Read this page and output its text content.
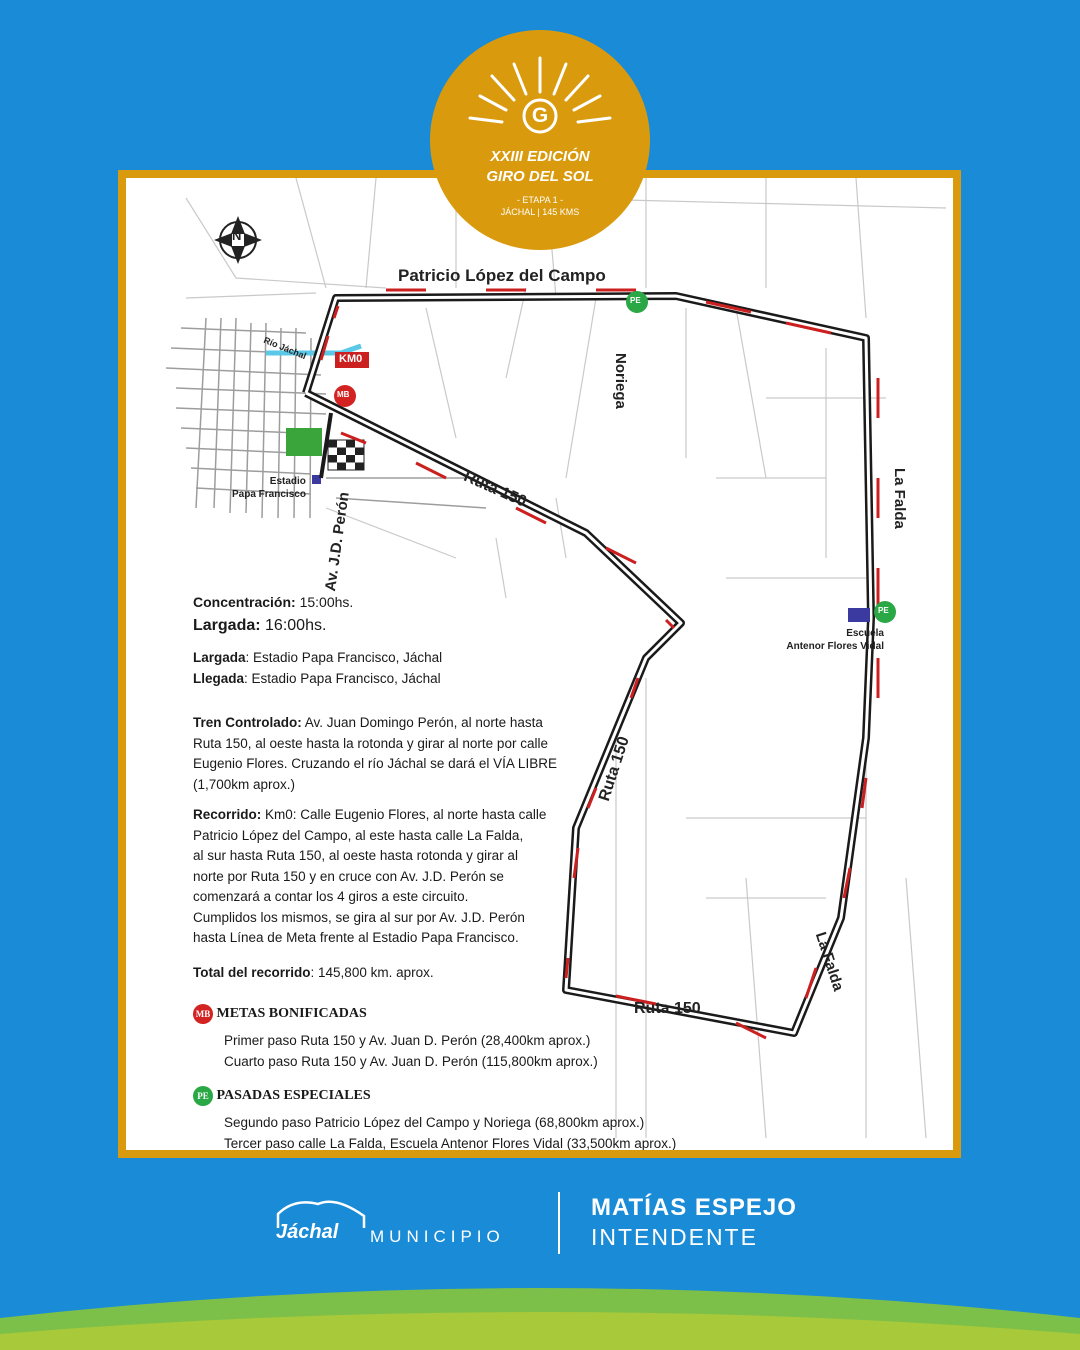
N
Patricio López del Campo
Noriega
La Falda
La Falda
Ruta 150
Ruta 150
Ruta 150
Río Jáchal	KM0
MB
PE
PE
Estadio
Papa Francisco Av. J.D. Perón
Escuela
Antenor Flores Vidal
Concentración: 15:00hs.
Largada: 16:00hs.
Largada: Estadio Papa Francisco, Jáchal
Llegada: Estadio Papa Francisco, Jáchal
Tren Controlado: Av. Juan Domingo Perón, al norte hasta
Ruta 150, al oeste hasta la rotonda y girar al norte por calle
Eugenio Flores. Cruzando el río Jáchal se dará el VÍA LIBRE
(1,700km aprox.)
Recorrido: Km0: Calle Eugenio Flores, al norte hasta calle
Patricio López del Campo, al este hasta calle La Falda,
al sur hasta Ruta 150, al oeste hasta rotonda y girar al
norte por Ruta 150 y en cruce con Av. J.D. Perón se
comenzará a contar los 4 giros a este circuito.
Cumplidos los mismos, se gira al sur por Av. J.D. Perón
hasta Línea de Meta frente al Estadio Papa Francisco.
Total del recorrido: 145,800 km. aprox.
MB METAS BONIFICADAS
Primer paso Ruta 150 y Av. Juan D. Perón (28,400km aprox.)
Cuarto paso Ruta 150 y Av. Juan D. Perón (115,800km aprox.)
PE PASADAS ESPECIALES
Segundo paso Patricio López del Campo y Noriega (68,800km aprox.)
Tercer paso calle La Falda, Escuela Antenor Flores Vidal (33,500km aprox.)
G
XXIII EDICIÓN
GIRO DEL SOL
- ETAPA 1 -
JÁCHAL | 145 KMS
Jáchal MUNICIPIO
MATÍAS ESPEJO
INTENDENTE
